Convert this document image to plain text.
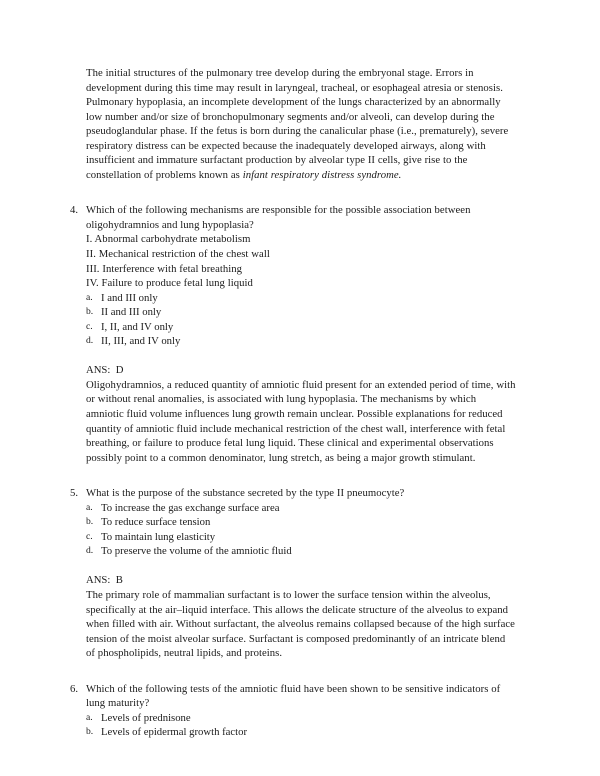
The initial structures of the pulmonary tree develop during the embryonal stage. Errors in development during this time may result in laryngeal, tracheal, or esophageal atresia or stenosis. Pulmonary hypoplasia, an incomplete development of the lungs characterized by an abnormally low number and/or size of bronchopulmonary segments and/or alveoli, can develop during the pseudoglandular phase. If the fetus is born during the canalicular phase (i.e., prematurely), severe respiratory distress can be expected because the inadequately developed airways, along with insufficient and immature surfactant production by alveolar type II cells, give rise to the constellation of problems known as infant respiratory distress syndrome.

4. Which of the following mechanisms are responsible for the possible association between oligohydramnios and lung hypoplasia?
I. Abnormal carbohydrate metabolism
II. Mechanical restriction of the chest wall
III. Interference with fetal breathing
IV. Failure to produce fetal lung liquid
a. I and III only
b. II and III only
c. I, II, and IV only
d. II, III, and IV only
ANS:  D

Oligohydramnios, a reduced quantity of amniotic fluid present for an extended period of time, with or without renal anomalies, is associated with lung hypoplasia. The mechanisms by which amniotic fluid volume influences lung growth remain unclear. Possible explanations for reduced quantity of amniotic fluid include mechanical restriction of the chest wall, interference with fetal breathing, or failure to produce fetal lung liquid. These clinical and experimental observations possibly point to a common denominator, lung stretch, as being a major growth stimulant.

5. What is the purpose of the substance secreted by the type II pneumocyte?
a. To increase the gas exchange surface area
b. To reduce surface tension
c. To maintain lung elasticity
d. To preserve the volume of the amniotic fluid
ANS:  B

The primary role of mammalian surfactant is to lower the surface tension within the alveolus, specifically at the air–liquid interface. This allows the delicate structure of the alveolus to expand when filled with air. Without surfactant, the alveolus remains collapsed because of the high surface tension of the moist alveolar surface. Surfactant is composed predominantly of an intricate blend of phospholipids, neutral lipids, and proteins.

6. Which of the following tests of the amniotic fluid have been shown to be sensitive indicators of lung maturity?
a. Levels of prednisone
b. Levels of epidermal growth factor
